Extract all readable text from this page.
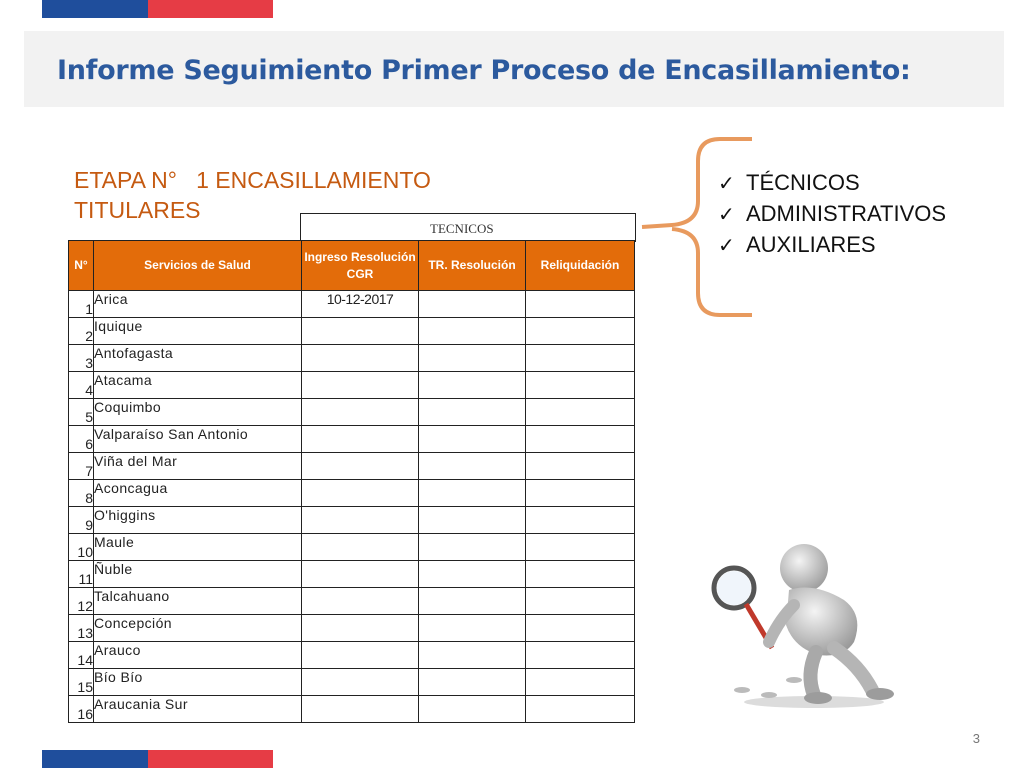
Informe Seguimiento Primer Proceso de Encasillamiento:
ETAPA N°   1 ENCASILLAMIENTO
TITULARES
TECNICOS
N°	Servicios de Salud	Ingreso Resolución CGR	TR. Resolución	Reliquidación
1	Arica	10-12-2017		
2	Iquique			
3	Antofagasta			
4	Atacama			
5	Coquimbo			
6	Valparaíso San Antonio			
7	Viña del Mar			
8	Aconcagua			
9	O'higgins			
10	Maule			
11	Ñuble			
12	Talcahuano			
13	Concepción			
14	Arauco			
15	Bío Bío			
16	Araucania Sur			
✓ TÉCNICOS
✓ ADMINISTRATIVOS
✓ AUXILIARES
3
